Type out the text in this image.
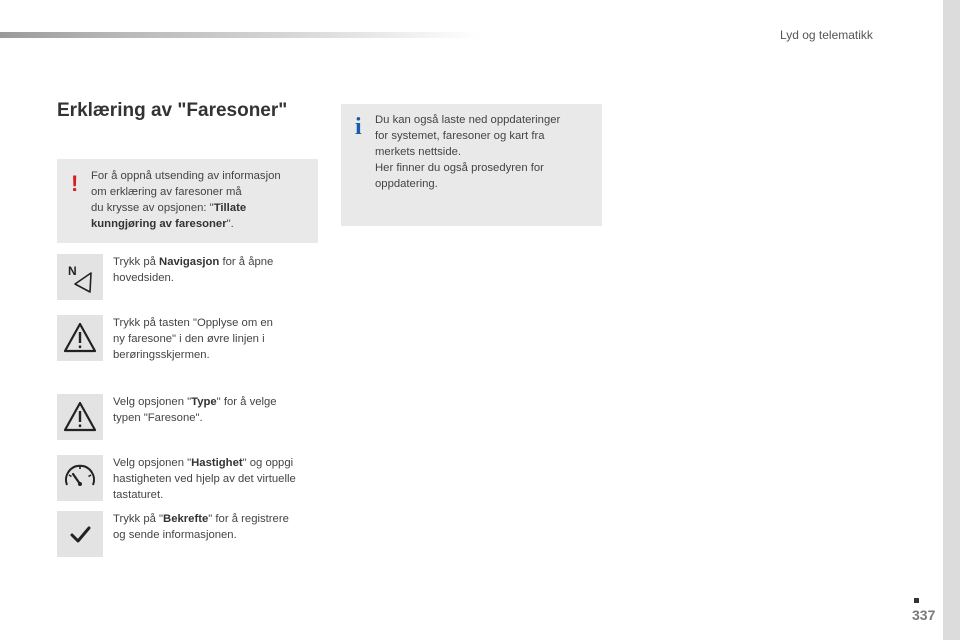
Lyd og telematikk
Erklæring av "Faresoner"
! For å oppnå utsending av informasjon
om erklæring av faresoner må
du krysse av opsjonen: "Tillate
kunngjøring av faresoner".
i Du kan også laste ned oppdateringer
for systemet, faresoner og kart fra
merkets nettside.
Her finner du også prosedyren for
oppdatering.
N
Trykk på Navigasjon for å åpne
hovedsiden.
Trykk på tasten "Opplyse om en
ny faresone" i den øvre linjen i
berøringsskjermen.
Velg opsjonen "Type" for å velge
typen "Faresone".
Velg opsjonen "Hastighet" og oppgi
hastigheten ved hjelp av det virtuelle
tastaturet.
Trykk på "Bekrefte" for å registrere
og sende informasjonen.
337
